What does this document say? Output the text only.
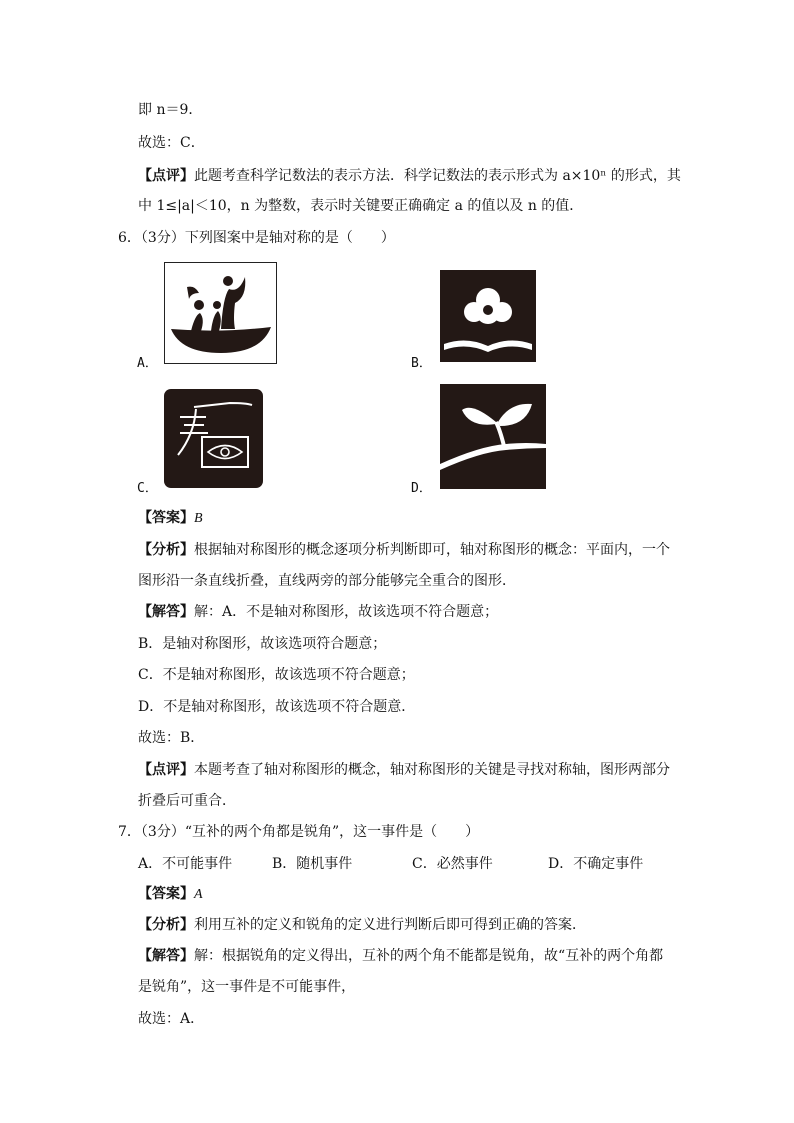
即 n＝9．
故选：C．
【点评】此题考查科学记数法的表示方法．科学记数法的表示形式为 a×10ⁿ 的形式，其
中 1≤|a|＜10，n 为整数，表示时关键要正确确定 a 的值以及 n 的值．
6．（3分）下列图案中是轴对称的是（　　）
A．	B．
C．	D．
【答案】B
【分析】根据轴对称图形的概念逐项分析判断即可，轴对称图形的概念：平面内，一个
图形沿一条直线折叠，直线两旁的部分能够完全重合的图形．
【解答】解：A．不是轴对称图形，故该选项不符合题意；
B．是轴对称图形，故该选项符合题意；
C．不是轴对称图形，故该选项不符合题意；
D．不是轴对称图形，故该选项不符合题意．
故选：B．
【点评】本题考查了轴对称图形的概念，轴对称图形的关键是寻找对称轴，图形两部分
折叠后可重合．
7．（3分）“互补的两个角都是锐角”，这一事件是（　　）
A．不可能事件	B．随机事件	C．必然事件	D．不确定事件
【答案】A
【分析】利用互补的定义和锐角的定义进行判断后即可得到正确的答案．
【解答】解：根据锐角的定义得出，互补的两个角不能都是锐角，故“互补的两个角都
是锐角”，这一事件是不可能事件，
故选：A．
